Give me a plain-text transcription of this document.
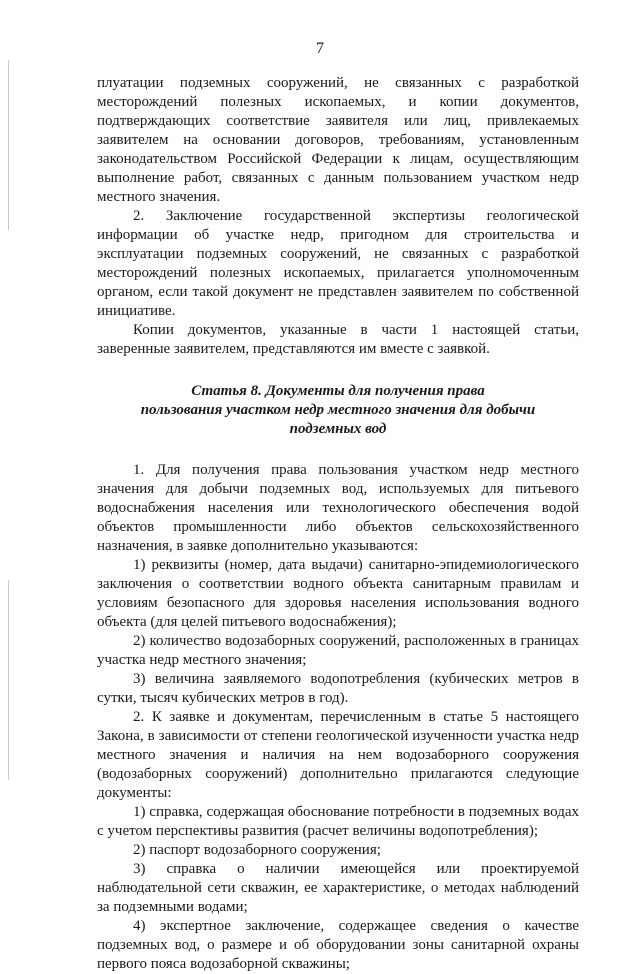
7

плуатации подземных сооружений, не связанных с разработкой месторождений полезных ископаемых, и копии документов, подтверждающих соответствие заявителя или лиц, привлекаемых заявителем на основании договоров, требованиям, установленным законодательством Российской Федерации к лицам, осуществляющим выполнение работ, связанных с данным пользованием участком недр местного значения.

2. Заключение государственной экспертизы геологической информации об участке недр, пригодном для строительства и эксплуатации подземных сооружений, не связанных с разработкой месторождений полезных ископаемых, прилагается уполномоченным органом, если такой документ не представлен заявителем по собственной инициативе.

Копии документов, указанные в части 1 настоящей статьи, заверенные заявителем, представляются им вместе с заявкой.

Статья 8. Документы для получения права
пользования участком недр местного значения для добычи
подземных вод

1. Для получения права пользования участком недр местного значения для добычи подземных вод, используемых для питьевого водоснабжения населения или технологического обеспечения водой объектов промышленности либо объектов сельскохозяйственного назначения, в заявке дополнительно указываются:

1) реквизиты (номер, дата выдачи) санитарно-эпидемиологического заключения о соответствии водного объекта санитарным правилам и условиям безопасного для здоровья населения использования водного объекта (для целей питьевого водоснабжения);

2) количество водозаборных сооружений, расположенных в границах участка недр местного значения;

3) величина заявляемого водопотребления (кубических метров в сутки, тысяч кубических метров в год).

2. К заявке и документам, перечисленным в статье 5 настоящего Закона, в зависимости от степени геологической изученности участка недр местного значения и наличия на нем водозаборного сооружения (водозаборных сооружений) дополнительно прилагаются следующие документы:

1) справка, содержащая обоснование потребности в подземных водах с учетом перспективы развития (расчет величины водопотребления);

2) паспорт водозаборного сооружения;

3) справка о наличии имеющейся или проектируемой наблюдательной сети скважин, ее характеристике, о методах наблюдений за подземными водами;

4) экспертное заключение, содержащее сведения о качестве подземных вод, о размере и об оборудовании зоны санитарной охраны первого пояса водозаборной скважины;
